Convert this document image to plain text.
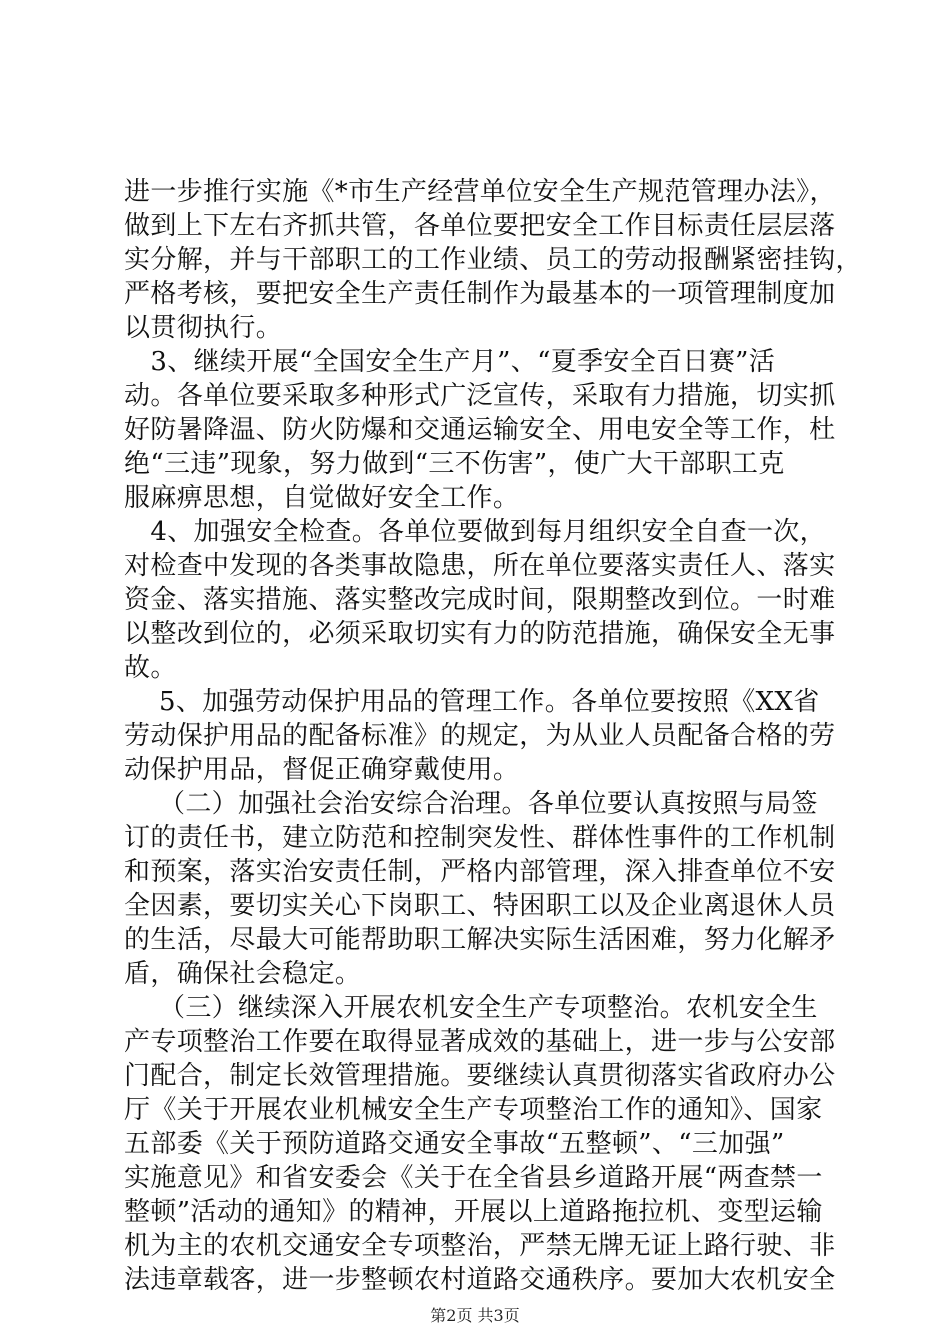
进一步推行实施《*市生产经营单位安全生产规范管理办法》，
做到上下左右齐抓共管，各单位要把安全工作目标责任层层落
实分解，并与干部职工的工作业绩、员工的劳动报酬紧密挂钩，
严格考核，要把安全生产责任制作为最基本的一项管理制度加
以贯彻执行。
　3、继续开展“全国安全生产月”、“夏季安全百日赛”活
动。各单位要采取多种形式广泛宣传，采取有力措施，切实抓
好防暑降温、防火防爆和交通运输安全、用电安全等工作，杜
绝“三违”现象，努力做到“三不伤害”，使广大干部职工克
服麻痹思想，自觉做好安全工作。
　4、加强安全检查。各单位要做到每月组织安全自查一次，
对检查中发现的各类事故隐患，所在单位要落实责任人、落实
资金、落实措施、落实整改完成时间，限期整改到位。一时难
以整改到位的，必须采取切实有力的防范措施，确保安全无事
故。
　 5、加强劳动保护用品的管理工作。各单位要按照《XX省
劳动保护用品的配备标准》的规定，为从业人员配备合格的劳
动保护用品，督促正确穿戴使用。
　 （二）加强社会治安综合治理。各单位要认真按照与局签
订的责任书，建立防范和控制突发性、群体性事件的工作机制
和预案，落实治安责任制，严格内部管理，深入排查单位不安
全因素，要切实关心下岗职工、特困职工以及企业离退休人员
的生活，尽最大可能帮助职工解决实际生活困难，努力化解矛
盾，确保社会稳定。
　 （三）继续深入开展农机安全生产专项整治。农机安全生
产专项整治工作要在取得显著成效的基础上，进一步与公安部
门配合，制定长效管理措施。要继续认真贯彻落实省政府办公
厅《关于开展农业机械安全生产专项整治工作的通知》、国家
五部委《关于预防道路交通安全事故“五整顿”、“三加强”
实施意见》和省安委会《关于在全省县乡道路开展“两查禁一
整顿”活动的通知》的精神，开展以上道路拖拉机、变型运输
机为主的农机交通安全专项整治，严禁无牌无证上路行驶、非
第2页 共3页
法违章载客，进一步整顿农村道路交通秩序。要加大农机安全
